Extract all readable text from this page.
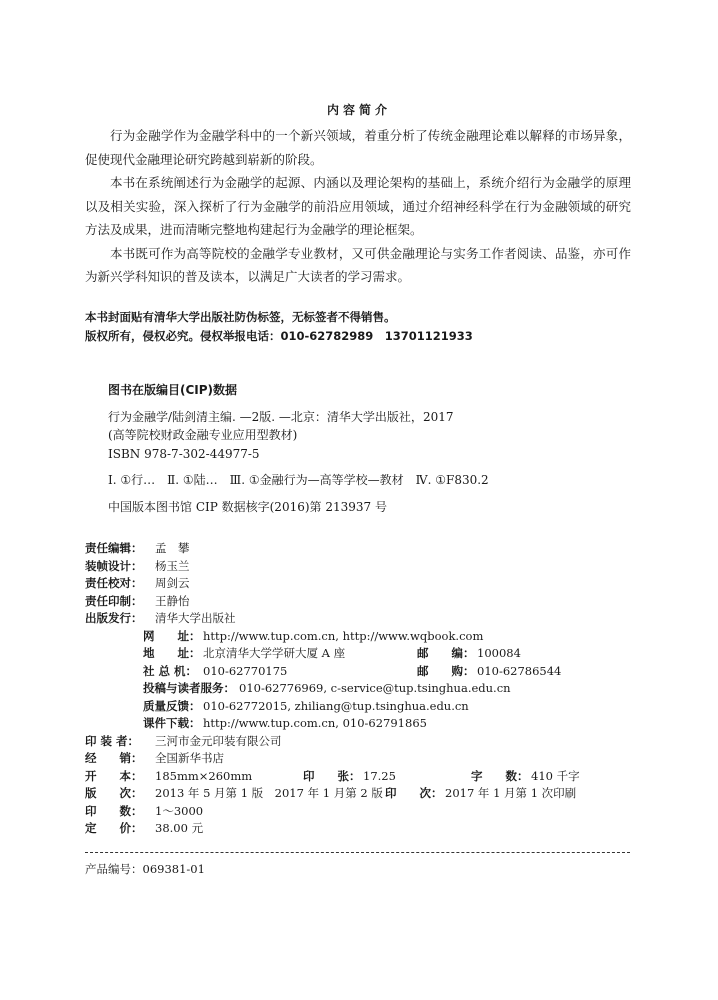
内容简介

行为金融学作为金融学科中的一个新兴领域，着重分析了传统金融理论难以解释的市场异象，促使现代金融理论研究跨越到崭新的阶段。

本书在系统阐述行为金融学的起源、内涵以及理论架构的基础上，系统介绍行为金融学的原理以及相关实验，深入探析了行为金融学的前沿应用领域，通过介绍神经科学在行为金融领域的研究方法及成果，进而清晰完整地构建起行为金融学的理论框架。

本书既可作为高等院校的金融学专业教材，又可供金融理论与实务工作者阅读、品鉴，亦可作为新兴学科知识的普及读本，以满足广大读者的学习需求。

本书封面贴有清华大学出版社防伪标签，无标签者不得销售。
版权所有，侵权必究。侵权举报电话：010-62782989　13701121933
图书在版编目(CIP)数据
行为金融学/陆剑清主编. —2版. —北京：清华大学出版社，2017
(高等院校财政金融专业应用型教材)
ISBN 978-7-302-44977-5
Ⅰ. ①行…　Ⅱ. ①陆…　Ⅲ. ①金融行为—高等学校—教材　Ⅳ. ①F830.2
中国版本图书馆 CIP 数据核字(2016)第 213937 号
责任编辑： 孟　攀
装帧设计： 杨玉兰
责任校对： 周剑云
责任印制： 王静怡
出版发行： 清华大学出版社
网　　址： http://www.tup.com.cn, http://www.wqbook.com
地　　址： 北京清华大学学研大厦 A 座	邮　　编： 100084
社 总 机： 010-62770175	邮　　购： 010-62786544
投稿与读者服务： 010-62776969, c-service@tup.tsinghua.edu.cn
质量反馈： 010-62772015, zhiliang@tup.tsinghua.edu.cn
课件下载： http://www.tup.com.cn, 010-62791865
印 装 者： 三河市金元印装有限公司
经　　销： 全国新华书店
开　　本： 185mm×260mm	印　　张： 17.25	字　　数： 410 千字
版　　次： 2013 年 5 月第 1 版　2017 年 1 月第 2 版 印　　次： 2017 年 1 月第 1 次印刷
印　　数： 1～3000
定　　价： 38.00 元
产品编号：069381-01
